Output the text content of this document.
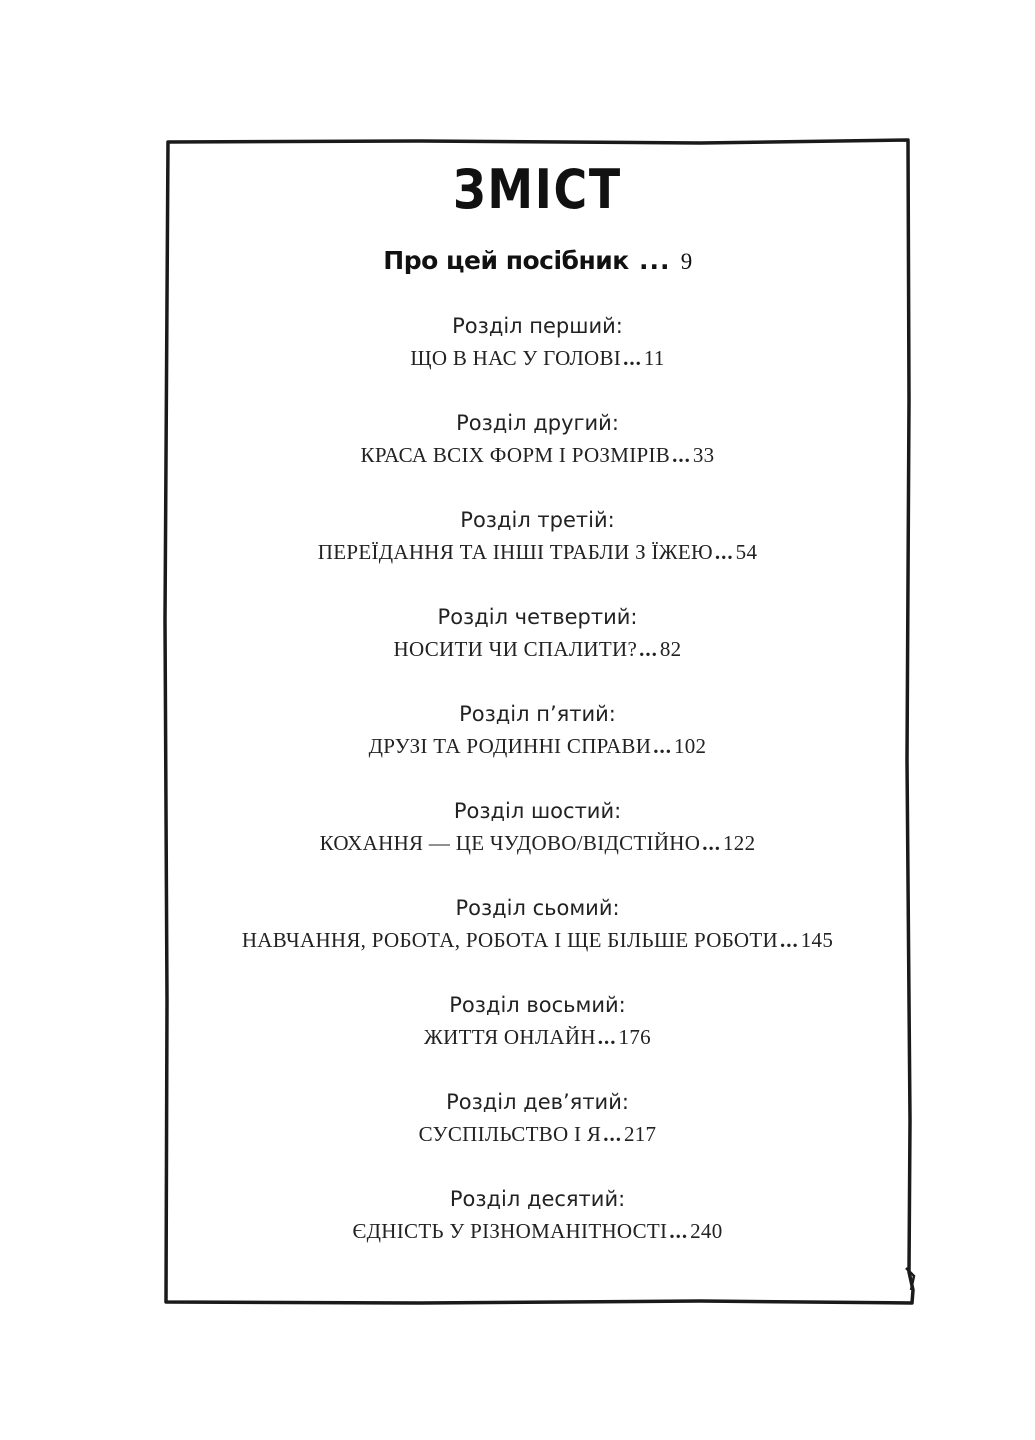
ЗМІСТ
Про цей посібник ... 9
Розділ перший:
ЩО В НАС У ГОЛОВІ...11
Розділ другий:
КРАСА ВСІХ ФОРМ І РОЗМІРІВ...33
Розділ третій:
ПЕРЕЇДАННЯ ТА ІНШІ ТРАБЛИ З ЇЖЕЮ...54
Розділ четвертий:
НОСИТИ ЧИ СПАЛИТИ?...82
Розділ п’ятий:
ДРУЗІ ТА РОДИННІ СПРАВИ...102
Розділ шостий:
КОХАННЯ — ЦЕ ЧУДОВО/ВІДСТІЙНО...122
Розділ сьомий:
НАВЧАННЯ, РОБОТА, РОБОТА І ЩЕ БІЛЬШЕ РОБОТИ...145
Розділ восьмий:
ЖИТТЯ ОНЛАЙН...176
Розділ дев’ятий:
СУСПІЛЬСТВО І Я...217
Розділ десятий:
ЄДНІСТЬ У РІЗНОМАНІТНОСТІ...240
